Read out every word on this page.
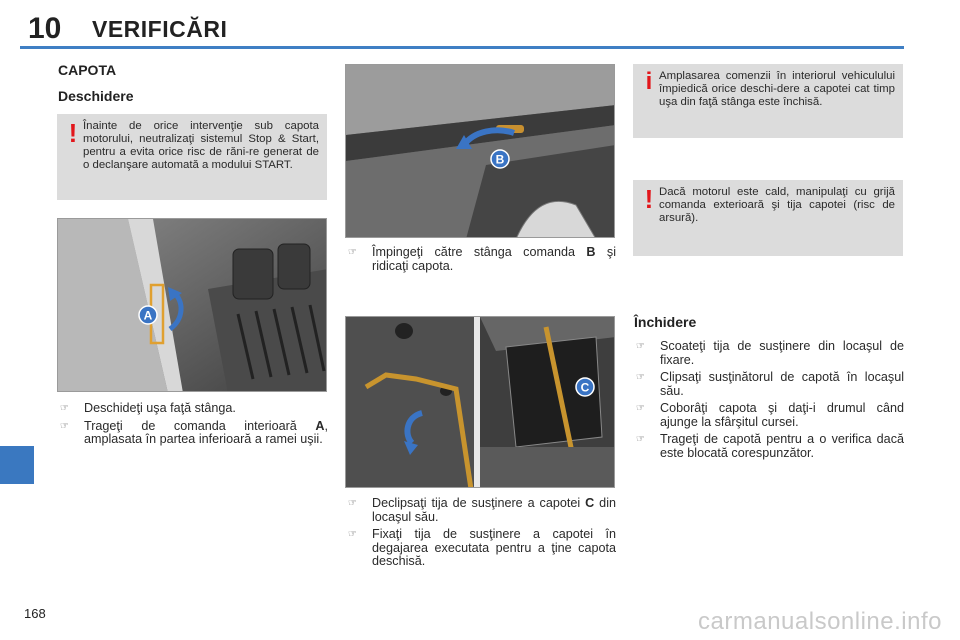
10 VERIFICĂRI
CAPOTA
Deschidere
! Înainte de orice intervenţie sub capota motorului, neutralizaţi sistemul Stop & Start, pentru a evita orice risc de răni-re generat de o declanşare automată a modului START.
A
☞ Deschideţi uşa faţă stânga.
☞ Trageţi de comanda interioară A, amplasata în partea inferioară a ramei uşii.
B
☞ Împingeţi către stânga comanda B şi ridicaţi capota.
C
☞ Declipsaţi tija de susţinere a capotei C din locaşul său.
☞ Fixaţi tija de susţinere a capotei în degajarea executata pentru a ţine capota deschisă.
i Amplasarea comenzii în interiorul vehiculului împiedică orice deschi-dere a capotei cat timp uşa din faţă stânga este închisă.
! Dacă motorul este cald, manipulaţi cu grijă comanda exterioară şi tija capotei (risc de arsură).
Închidere
☞ Scoateţi tija de susţinere din locaşul de fixare.
☞ Clipsaţi susţinătorul de capotă în locaşul său.
☞ Coborâţi capota şi daţi-i drumul când ajunge la sfârşitul cursei.
☞ Trageţi de capotă pentru a o verifica dacă este blocată corespunzător.
168	carmanualsonline.info
